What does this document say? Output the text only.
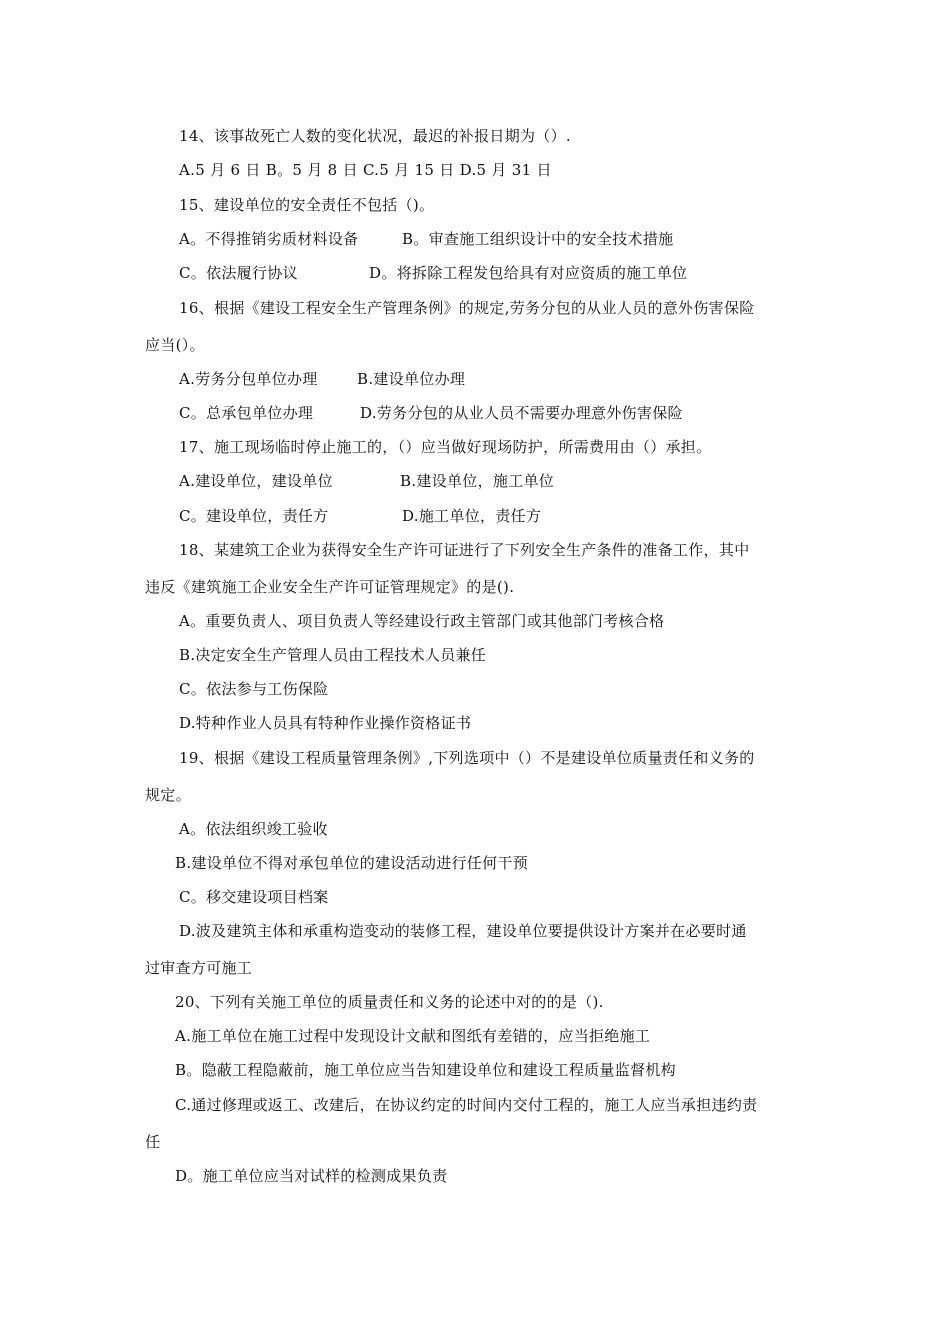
14、该事故死亡人数的变化状况，最迟的补报日期为（）.
A.5 月 6 日 B。5 月 8 日 C.5 月 15 日 D.5 月 31 日
15、建设单位的安全责任不包括（)。
A。不得推销劣质材料设备	B。审查施工组织设计中的安全技术措施
C。依法履行协议	D。将拆除工程发包给具有对应资质的施工单位
16、根据《建设工程安全生产管理条例》的规定,劳务分包的从业人员的意外伤害保险
应当(）。
A.劳务分包单位办理	B.建设单位办理
C。总承包单位办理	D.劳务分包的从业人员不需要办理意外伤害保险
17、施工现场临时停止施工的，（）应当做好现场防护，所需费用由（）承担。
A.建设单位，建设单位	B.建设单位，施工单位
C。建设单位，责任方	D.施工单位，责任方
18、某建筑工企业为获得安全生产许可证进行了下列安全生产条件的准备工作，其中
违反《建筑施工企业安全生产许可证管理规定》的是().
A。重要负责人、项目负责人等经建设行政主管部门或其他部门考核合格
B.决定安全生产管理人员由工程技术人员兼任
C。依法参与工伤保险
D.特种作业人员具有特种作业操作资格证书
19、根据《建设工程质量管理条例》,下列选项中（）不是建设单位质量责任和义务的
规定。
A。依法组织竣工验收
B.建设单位不得对承包单位的建设活动进行任何干预
C。移交建设项目档案
D.波及建筑主体和承重构造变动的装修工程，建设单位要提供设计方案并在必要时通
过审查方可施工
20、下列有关施工单位的质量责任和义务的论述中对的的是（).
A.施工单位在施工过程中发现设计文献和图纸有差错的，应当拒绝施工
B。隐蔽工程隐蔽前，施工单位应当告知建设单位和建设工程质量监督机构
C.通过修理或返工、改建后，在协议约定的时间内交付工程的，施工人应当承担违约责
任
D。施工单位应当对试样的检测成果负责
